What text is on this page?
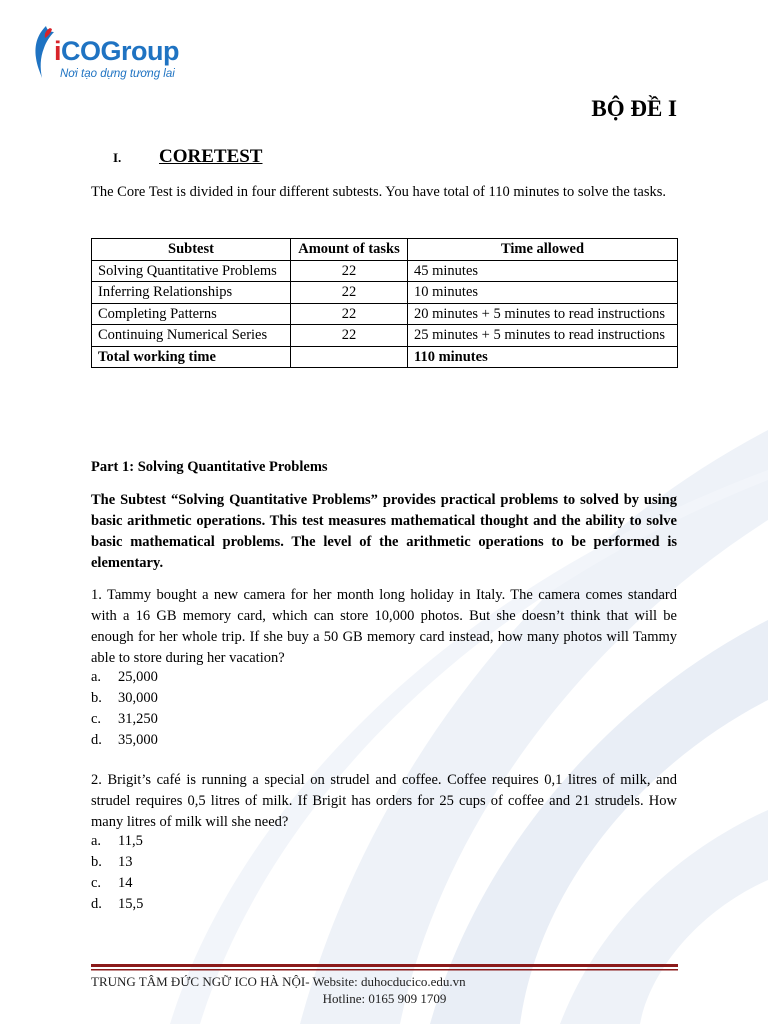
iCOGroup
Nơi tạo dựng tương lai
BỘ ĐỀ I
I. CORETEST
The Core Test is divided in four different subtests. You have total of 110 minutes to solve the tasks.
Subtest	Amount of tasks	Time allowed
Solving Quantitative Problems	22	45 minutes
Inferring Relationships	22	10 minutes
Completing Patterns	22	20 minutes + 5 minutes to read instructions
Continuing Numerical Series	22	25 minutes + 5 minutes to read instructions
Total working time		110 minutes
Part 1: Solving Quantitative Problems
The Subtest “Solving Quantitative Problems” provides practical problems to solved by using basic arithmetic operations. This test measures mathematical thought and the ability to solve basic mathematical problems. The level of the arithmetic operations to be performed is elementary.
1. Tammy bought a new camera for her month long holiday in Italy. The camera comes standard with a 16 GB memory card, which can store 10,000 photos. But she doesn’t think that will be enough for her whole trip. If she buy a 50 GB memory card instead, how many photos will Tammy able to store during her vacation?
a. 25,000
b. 30,000
c. 31,250
d. 35,000
2. Brigit’s café is running a special on strudel and coffee. Coffee requires 0,1 litres of milk, and strudel requires 0,5 litres of milk. If Brigit has orders for 25 cups of coffee and 21 strudels. How many litres of milk will she need?
a. 11,5
b. 13
c. 14
d. 15,5
TRUNG TÂM ĐỨC NGỮ ICO HÀ NỘI- Website: duhocducico.edu.vn
Hotline: 0165 909 1709
